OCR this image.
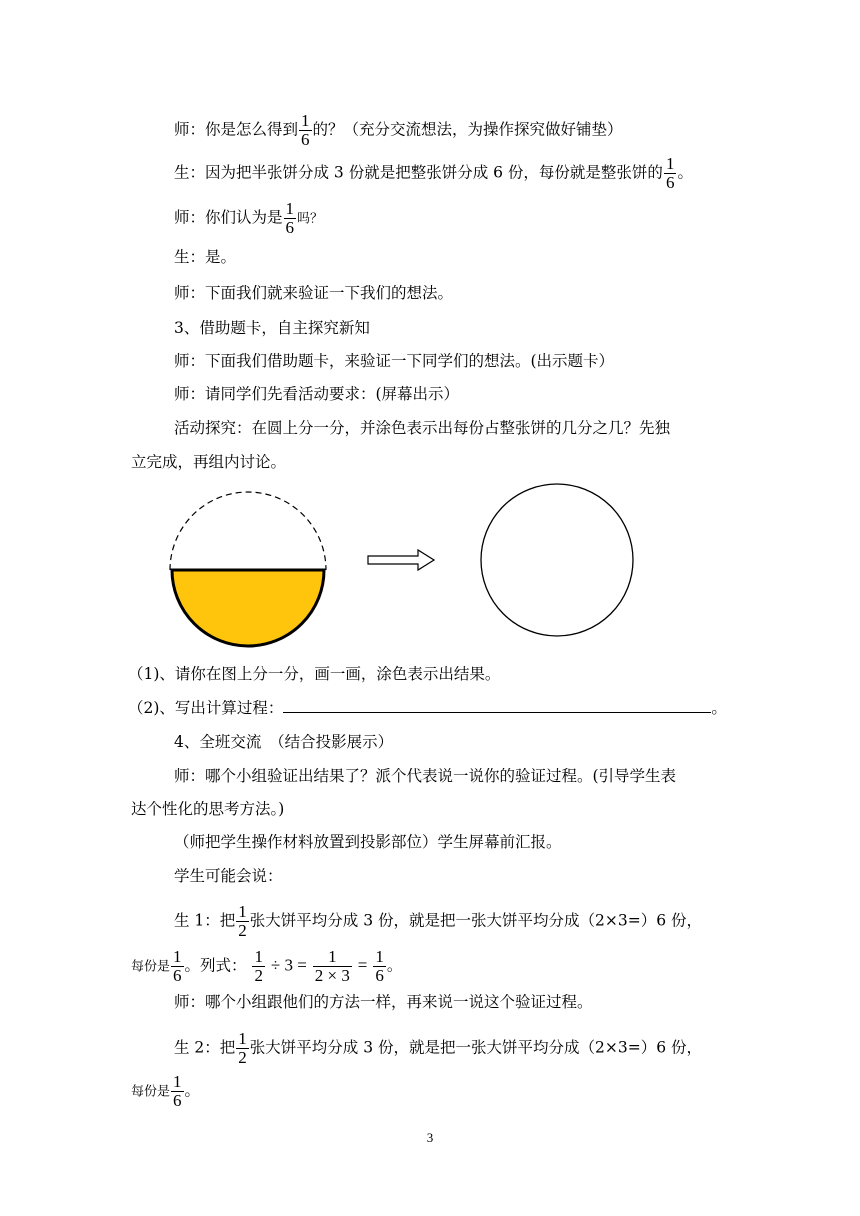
师：你是怎么得到 $\frac{1}{6}$ 的？（充分交流想法，为操作探究做好铺垫）
生：因为把半张饼分成 3 份就是把整张饼分成 6 份，每份就是整张饼的 $\frac{1}{6}$ 。
师：你们认为是 $\frac{1}{6}$ 吗？
生：是。
师：下面我们就来验证一下我们的想法。
3、借助题卡，自主探究新知
师：下面我们借助题卡，来验证一下同学们的想法。(出示题卡）
师：请同学们先看活动要求：(屏幕出示）
活动探究：在圆上分一分，并涂色表示出每份占整张饼的几分之几？先独
立完成，再组内讨论。
（1)、请你在图上分一分，画一画，涂色表示出结果。
（2)、写出计算过程：	。
4、全班交流　（结合投影展示）
师：哪个小组验证出结果了？派个代表说一说你的验证过程。(引导学生表
达个性化的思考方法。)
（师把学生操作材料放置到投影部位）学生屏幕前汇报。
学生可能会说：
生 1：把 $\frac{1}{2}$ 张大饼平均分成 3 份，就是把一张大饼平均分成（2×3=）6 份，
每份是 $\frac{1}{6}$ 。列式： $\frac{1}{2} \div 3 = \frac{1}{2 \times 3} = \frac{1}{6}$ 。
师：哪个小组跟他们的方法一样，再来说一说这个验证过程。
生 2：把 $\frac{1}{2}$ 张大饼平均分成 3 份，就是把一张大饼平均分成（2×3=）6 份，
每份是 $\frac{1}{6}$ 。
3
